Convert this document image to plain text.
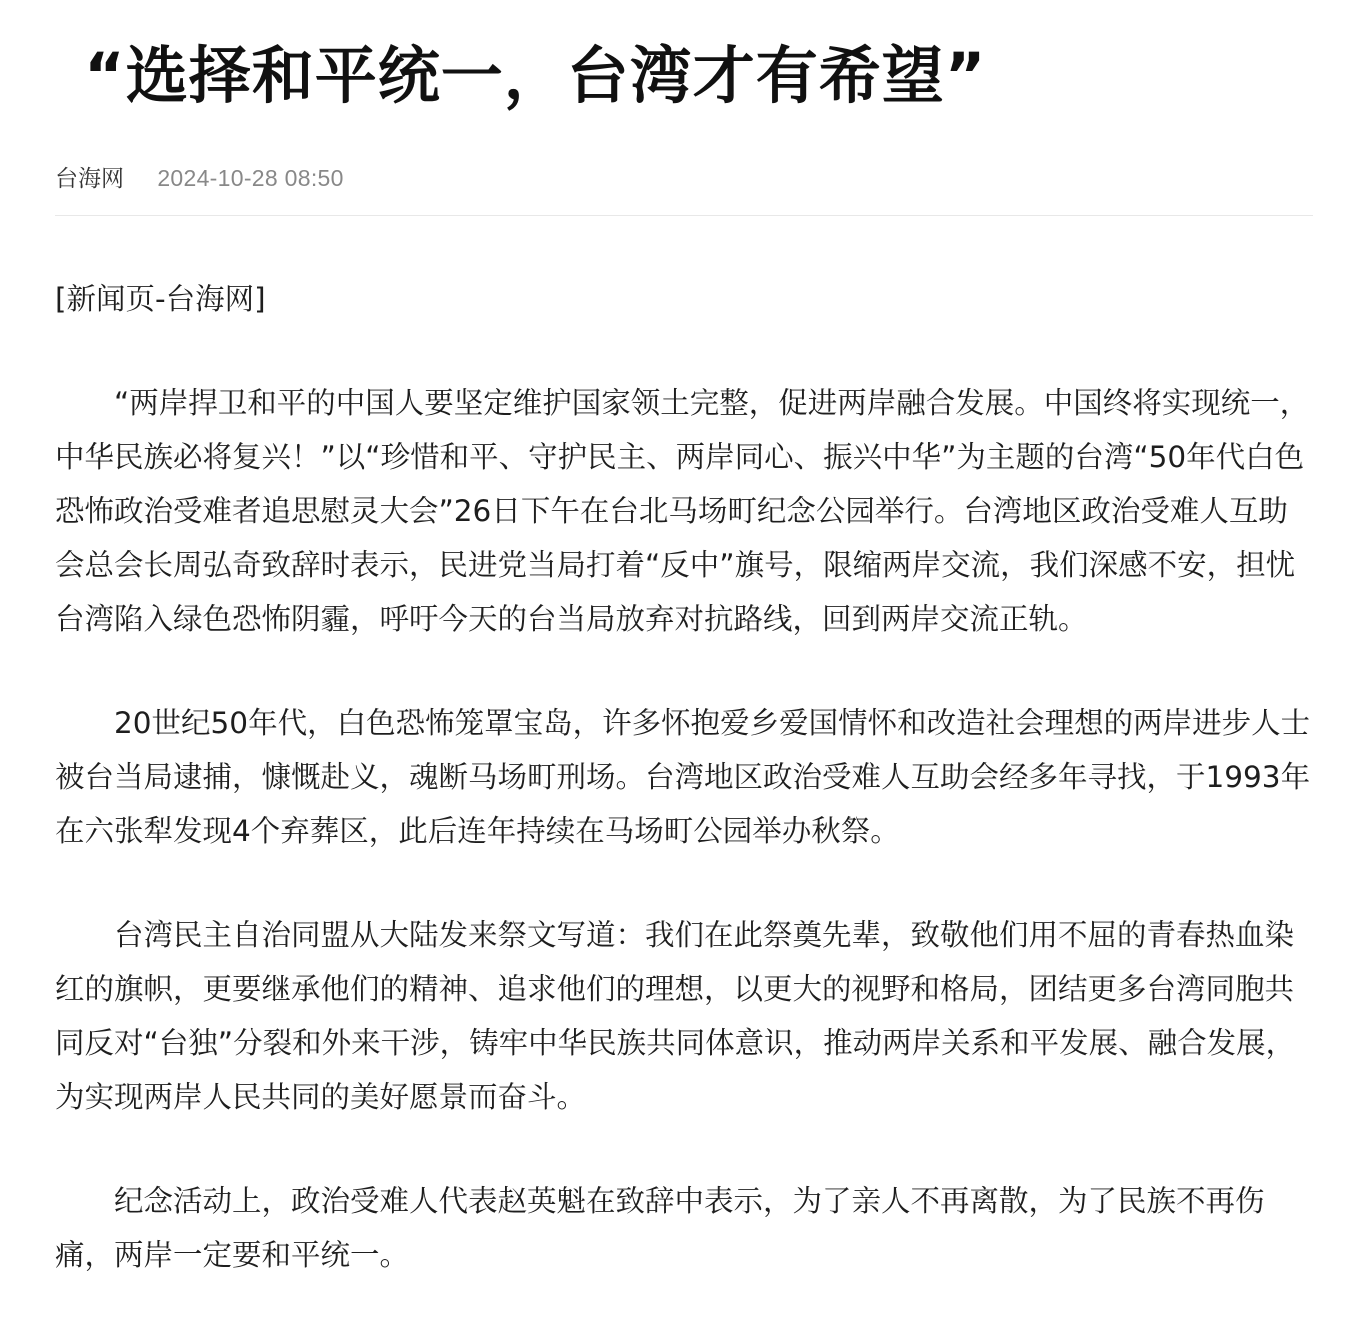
“选择和平统一，台湾才有希望”
台海网 2024-10-28 08:50

[新闻页-台海网]

“两岸捍卫和平的中国人要坚定维护国家领土完整，促进两岸融合发展。中国终将实现统一，中华民族必将复兴！”以“珍惜和平、守护民主、两岸同心、振兴中华”为主题的台湾“50年代白色恐怖政治受难者追思慰灵大会”26日下午在台北马场町纪念公园举行。台湾地区政治受难人互助会总会长周弘奇致辞时表示，民进党当局打着“反中”旗号，限缩两岸交流，我们深感不安，担忧台湾陷入绿色恐怖阴霾，呼吁今天的台当局放弃对抗路线，回到两岸交流正轨。

20世纪50年代，白色恐怖笼罩宝岛，许多怀抱爱乡爱国情怀和改造社会理想的两岸进步人士被台当局逮捕，慷慨赴义，魂断马场町刑场。台湾地区政治受难人互助会经多年寻找，于1993年在六张犁发现4个弃葬区，此后连年持续在马场町公园举办秋祭。

台湾民主自治同盟从大陆发来祭文写道：我们在此祭奠先辈，致敬他们用不屈的青春热血染红的旗帜，更要继承他们的精神、追求他们的理想，以更大的视野和格局，团结更多台湾同胞共同反对“台独”分裂和外来干涉，铸牢中华民族共同体意识，推动两岸关系和平发展、融合发展，为实现两岸人民共同的美好愿景而奋斗。

纪念活动上，政治受难人代表赵英魁在致辞中表示，为了亲人不再离散，为了民族不再伤痛，两岸一定要和平统一。
